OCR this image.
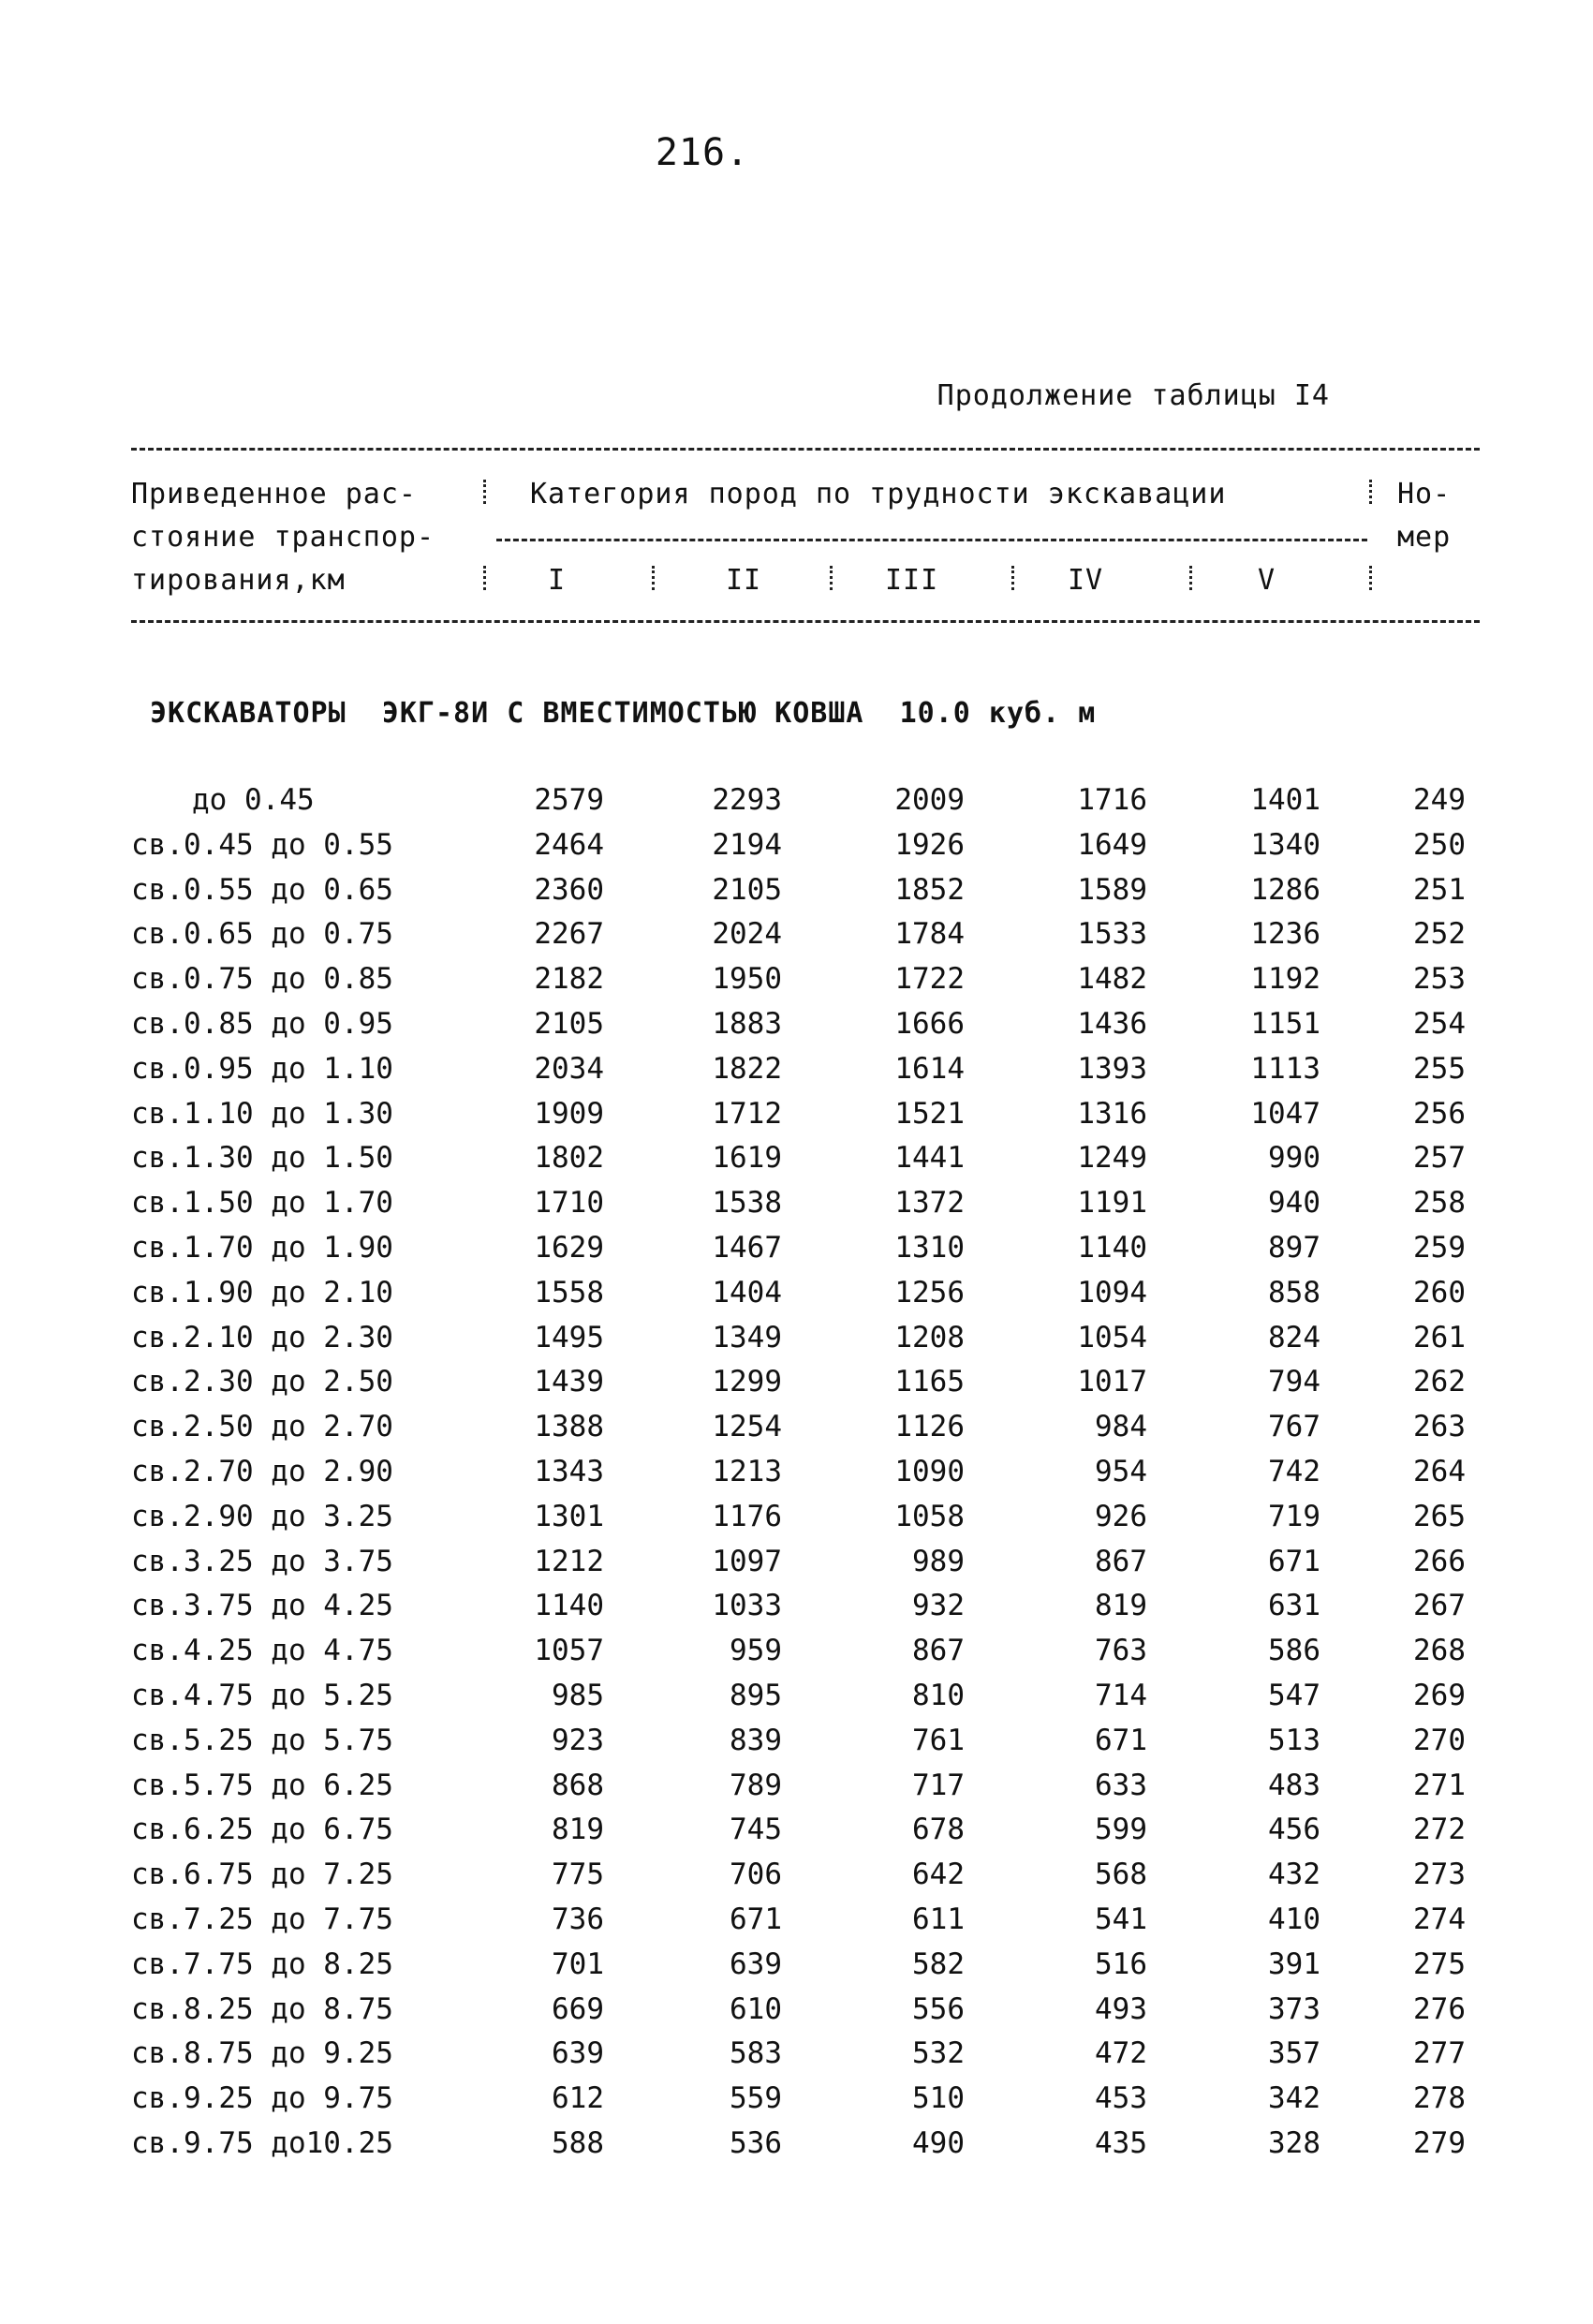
216.
Продолжение таблицы I4
Приведенное рас-
стояние транспор-
тирования,км
Категория пород по трудности экскавации	Но-
мер
I	II	III	IV	V
ЭКСКАВАТОРЫ  ЭКГ-8И С ВМЕСТИМОСТЬЮ КОВША  10.0 куб. м
до 0.45	2579	2293	2009	1716	1401	249
св.0.45 до 0.55	2464	2194	1926	1649	1340	250
св.0.55 до 0.65	2360	2105	1852	1589	1286	251
св.0.65 до 0.75	2267	2024	1784	1533	1236	252
св.0.75 до 0.85	2182	1950	1722	1482	1192	253
св.0.85 до 0.95	2105	1883	1666	1436	1151	254
св.0.95 до 1.10	2034	1822	1614	1393	1113	255
св.1.10 до 1.30	1909	1712	1521	1316	1047	256
св.1.30 до 1.50	1802	1619	1441	1249	990	257
св.1.50 до 1.70	1710	1538	1372	1191	940	258
св.1.70 до 1.90	1629	1467	1310	1140	897	259
св.1.90 до 2.10	1558	1404	1256	1094	858	260
св.2.10 до 2.30	1495	1349	1208	1054	824	261
св.2.30 до 2.50	1439	1299	1165	1017	794	262
св.2.50 до 2.70	1388	1254	1126	984	767	263
св.2.70 до 2.90	1343	1213	1090	954	742	264
св.2.90 до 3.25	1301	1176	1058	926	719	265
св.3.25 до 3.75	1212	1097	989	867	671	266
св.3.75 до 4.25	1140	1033	932	819	631	267
св.4.25 до 4.75	1057	959	867	763	586	268
св.4.75 до 5.25	985	895	810	714	547	269
св.5.25 до 5.75	923	839	761	671	513	270
св.5.75 до 6.25	868	789	717	633	483	271
св.6.25 до 6.75	819	745	678	599	456	272
св.6.75 до 7.25	775	706	642	568	432	273
св.7.25 до 7.75	736	671	611	541	410	274
св.7.75 до 8.25	701	639	582	516	391	275
св.8.25 до 8.75	669	610	556	493	373	276
св.8.75 до 9.25	639	583	532	472	357	277
св.9.25 до 9.75	612	559	510	453	342	278
св.9.75 до10.25	588	536	490	435	328	279
